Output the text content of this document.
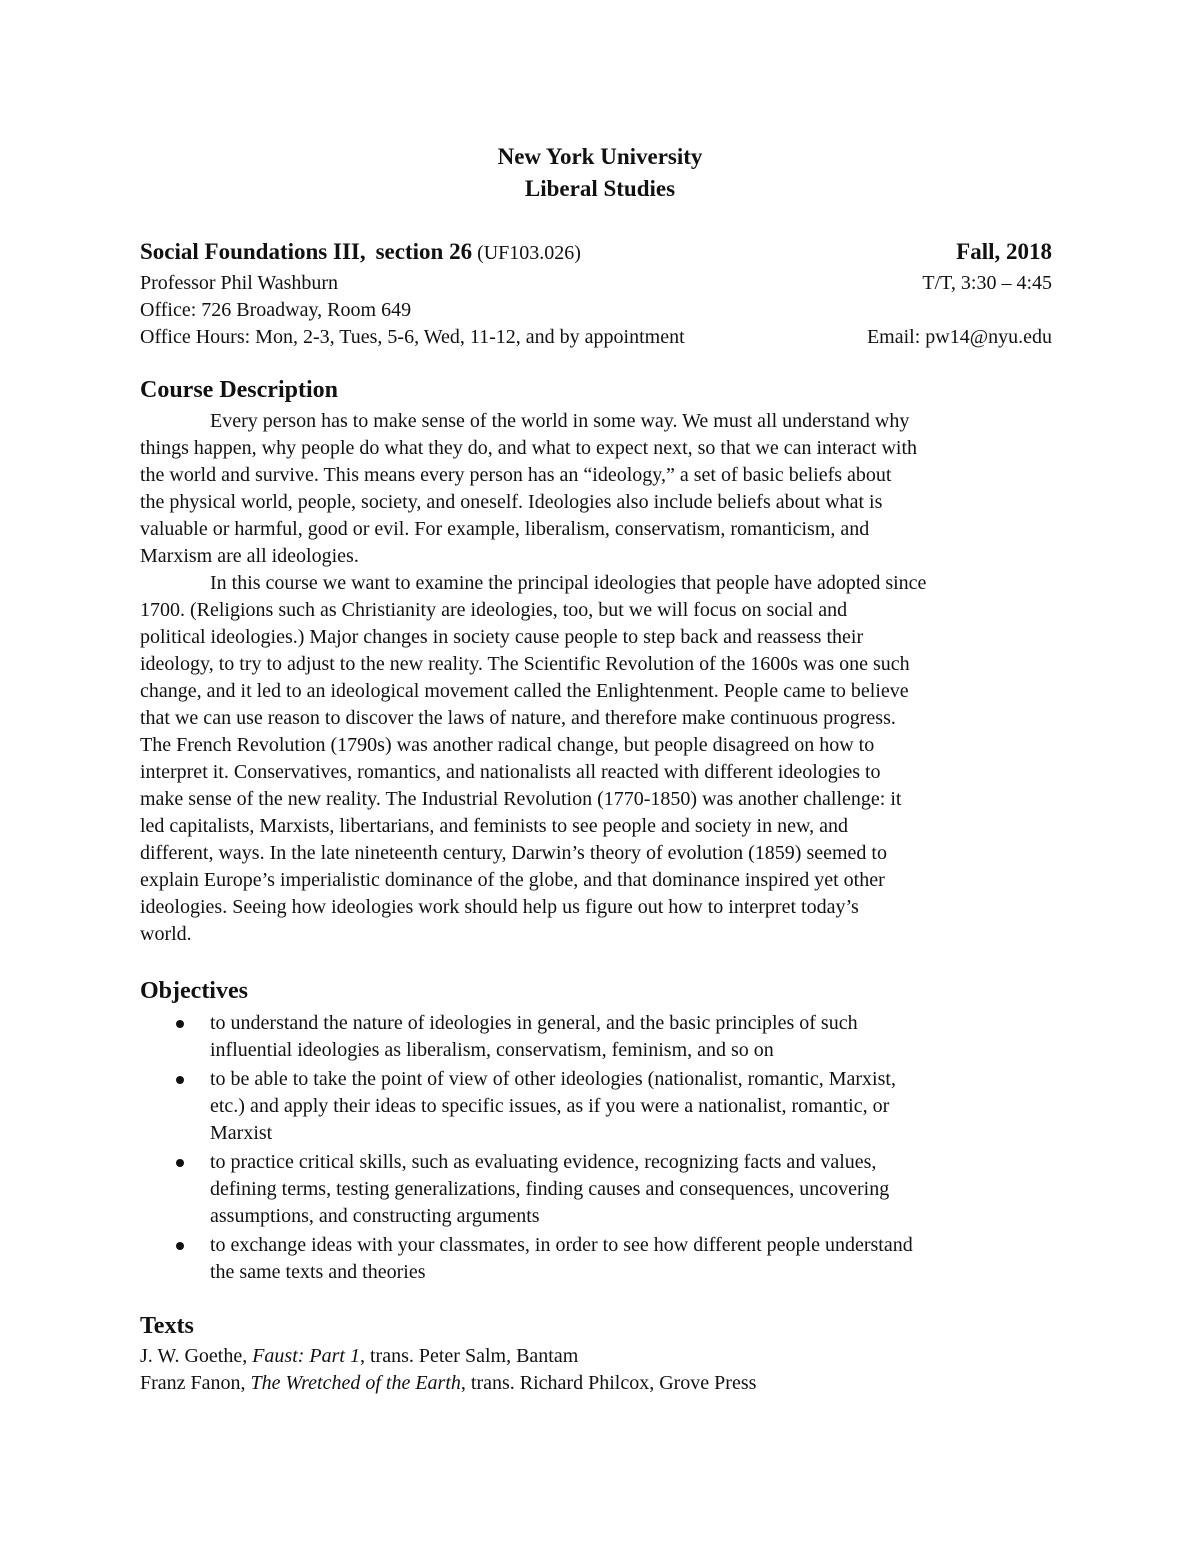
New York University
Liberal Studies
Social Foundations III, section 26 (UF103.026)	Fall, 2018
Professor Phil Washburn	T/T, 3:30 – 4:45
Office: 726 Broadway, Room 649
Office Hours: Mon, 2-3, Tues, 5-6, Wed, 11-12, and by appointment	Email: pw14@nyu.edu
Course Description
Every person has to make sense of the world in some way. We must all understand why
things happen, why people do what they do, and what to expect next, so that we can interact with
the world and survive. This means every person has an “ideology,” a set of basic beliefs about
the physical world, people, society, and oneself. Ideologies also include beliefs about what is
valuable or harmful, good or evil. For example, liberalism, conservatism, romanticism, and
Marxism are all ideologies.
In this course we want to examine the principal ideologies that people have adopted since
1700. (Religions such as Christianity are ideologies, too, but we will focus on social and
political ideologies.) Major changes in society cause people to step back and reassess their
ideology, to try to adjust to the new reality. The Scientific Revolution of the 1600s was one such
change, and it led to an ideological movement called the Enlightenment. People came to believe
that we can use reason to discover the laws of nature, and therefore make continuous progress.
The French Revolution (1790s) was another radical change, but people disagreed on how to
interpret it. Conservatives, romantics, and nationalists all reacted with different ideologies to
make sense of the new reality. The Industrial Revolution (1770-1850) was another challenge: it
led capitalists, Marxists, libertarians, and feminists to see people and society in new, and
different, ways. In the late nineteenth century, Darwin’s theory of evolution (1859) seemed to
explain Europe’s imperialistic dominance of the globe, and that dominance inspired yet other
ideologies. Seeing how ideologies work should help us figure out how to interpret today’s
world.
Objectives
to understand the nature of ideologies in general, and the basic principles of such
influential ideologies as liberalism, conservatism, feminism, and so on
to be able to take the point of view of other ideologies (nationalist, romantic, Marxist,
etc.) and apply their ideas to specific issues, as if you were a nationalist, romantic, or
Marxist
to practice critical skills, such as evaluating evidence, recognizing facts and values,
defining terms, testing generalizations, finding causes and consequences, uncovering
assumptions, and constructing arguments
to exchange ideas with your classmates, in order to see how different people understand
the same texts and theories
Texts
J. W. Goethe, Faust: Part 1, trans. Peter Salm, Bantam
Franz Fanon, The Wretched of the Earth, trans. Richard Philcox, Grove Press
